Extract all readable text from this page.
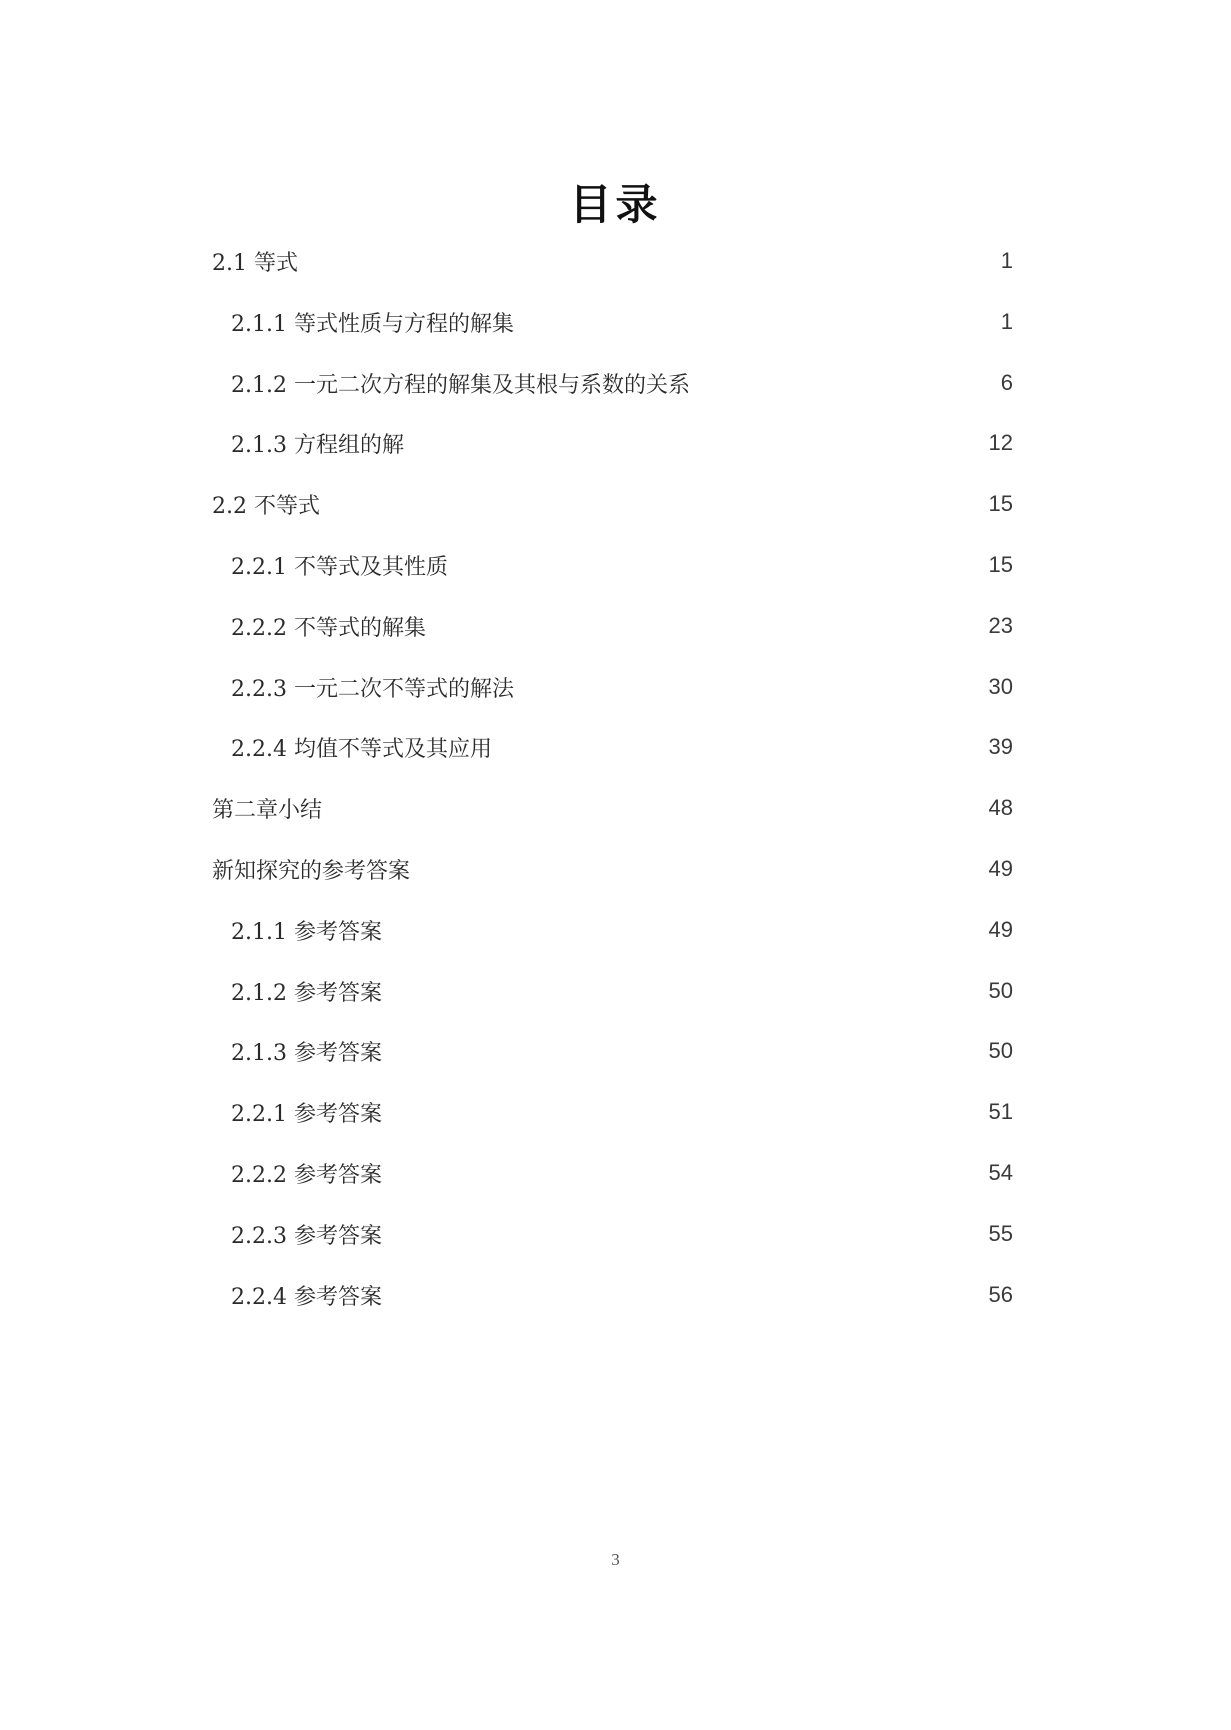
目录
2.1 等式	1
2.1.1 等式性质与方程的解集	1
2.1.2 一元二次方程的解集及其根与系数的关系	6
2.1.3 方程组的解	12
2.2 不等式	15
2.2.1 不等式及其性质	15
2.2.2 不等式的解集	23
2.2.3 一元二次不等式的解法	30
2.2.4 均值不等式及其应用	39
第二章小结	48
新知探究的参考答案	49
2.1.1 参考答案	49
2.1.2 参考答案	50
2.1.3 参考答案	50
2.2.1 参考答案	51
2.2.2 参考答案	54
2.2.3 参考答案	55
2.2.4 参考答案	56
3
